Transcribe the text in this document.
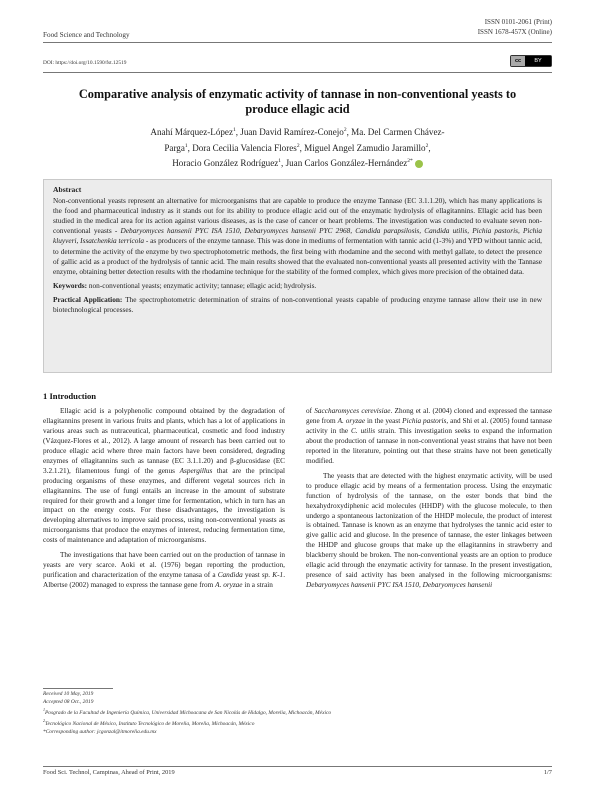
Food Science and Technology
ISSN 0101-2061 (Print)
ISSN 1678-457X (Online)
DOI: https://doi.org/10.1590/fst.12519	cc	BY
Comparative analysis of enzymatic activity of tannase in non-conventional yeasts to produce ellagic acid
Anahí Márquez-López$^1$, Juan David Ramírez-Conejo$^2$, Ma. Del Carmen Chávez-
Parga$^1$, Dora Cecilia Valencia Flores$^2$, Miguel Angel Zamudio Jaramillo$^2$,
Horacio González Rodríguez$^1$, Juan Carlos González-Hernández$^{2*}$
Abstract

Non-conventional yeasts represent an alternative for microorganisms that are capable to produce the enzyme Tannase (EC 3.1.1.20), which has many applications is the food and pharmaceutical industry as it stands out for its ability to produce ellagic acid out of the enzymatic hydrolysis of ellagitannins. Ellagic acid has been studied in the medical area for its action against various diseases, as is the case of cancer or heart problems. The investigation was conducted to evaluate seven non-conventional yeasts - Debaryomyces hansenii PYC ISA 1510, Debaryomyces hansenii PYC 2968, Candida parapsilosis, Candida utilis, Pichia pastoris, Pichia kluyveri, Issatchenkia terricola - as producers of the enzyme tannase. This was done in mediums of fermentation with tannic acid (1-3%) and YPD without tannic acid, to determine the activity of the enzyme by two spectrophotometric methods, the first being with rhodamine and the second with methyl gallate, to detect the presence of gallic acid as a product of the hydrolysis of tannic acid. The main results showed that the evaluated non-conventional yeasts all presented activity with the Tannase enzyme, obtaining better detection results with the rhodamine technique for the stability of the formed complex, which gives more precision of the obtained data.

Keywords: non-conventional yeasts; enzymatic activity; tannase; ellagic acid; hydrolysis.

Practical Application: The spectrophotometric determination of strains of non-conventional yeasts capable of producing enzyme tannase allow their use in new biotechnological processes.

1 Introduction

Ellagic acid is a polyphenolic compound obtained by the degradation of ellagitannins present in various fruits and plants, which has a lot of applications in various areas such as nutraceutical, pharmaceutical, cosmetic and food industry (Vázquez-Flores et al., 2012). A large amount of research has been carried out to produce ellagic acid where three main factors have been considered, degrading enzymes of ellagitannins such as tannase (EC 3.1.1.20) and β-glucosidase (EC 3.2.1.21), filamentous fungi of the genus Aspergillus that are the principal producing organisms of these enzymes, and different vegetal sources rich in ellagitannins. The use of fungi entails an increase in the amount of substrate required for their growth and a longer time for fermentation, which in turn has an impact on the energy costs. For these disadvantages, the investigation is developing alternatives to improve said process, using non-conventional yeasts as microorganisms that produce the enzymes of interest, reducing fermentation time, costs of maintenance and adaptation of microorganisms.

The investigations that have been carried out on the production of tannase in yeasts are very scarce. Aoki et al. (1976) began reporting the production, purification and characterization of the enzyme tanasa of a Candida yeast sp. K-1. Albertse (2002) managed to express the tannase gene from A. oryzae in a strain

of Saccharomyces cerevisiae. Zhong et al. (2004) cloned and expressed the tannase gene from A. oryzae in the yeast Pichia pastoris, and Shi et al. (2005) found tannase activity in the C. utilis strain. This investigation seeks to expand the information about the production of tannase in non-conventional yeast strains that have not been reported in the literature, pointing out that these strains have not been genetically modified.

The yeasts that are detected with the highest enzymatic activity, will be used to produce ellagic acid by means of a fermentation process. Using the enzymatic function of hydrolysis of the tannase, on the ester bonds that bind the hexahydroxydiphenic acid molecules (HHDP) with the glucose molecule, to then undergo a spontaneous lactonization of the HHDP molecule, the product of interest is obtained. Tannase is known as an enzyme that hydrolyses the tannic acid ester to give gallic acid and glucose. In the presence of tannase, the ester linkages between the HHDP and glucose groups that make up the ellagitannins in strawberry and blackberry should be broken. The non-conventional yeasts are an option to produce ellagic acid through the enzymatic activity for tannase. In the present investigation, presence of said activity has been analysed in the following microorganisms: Debaryomyces hansenii PYC ISA 1510, Debaryomyces hansenii

Received 10 May, 2019
Accepted 08 Oct., 2019
$^1$Posgrado de la Facultad de Ingeniería Química, Universidad Michoacana de San Nicolás de Hidalgo, Morelia, Michoacán, México
$^2$Tecnológico Nacional de México, Instituto Tecnológico de Morelia, Morelia, Michoacán, México
*Corresponding author: jcgonzal@itmorelia.edu.mx
Food Sci. Technol, Campinas, Ahead of Print, 2019	1/7
